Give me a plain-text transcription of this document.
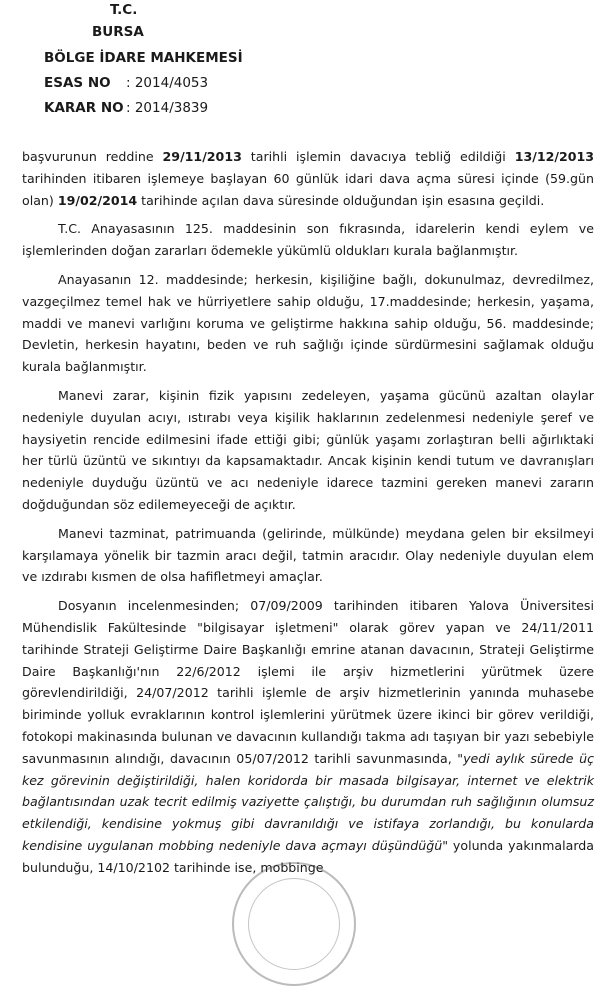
T.C.
BURSA
BÖLGE İDARE MAHKEMESİ
ESAS NO : 2014/4053
KARAR NO : 2014/3839

başvurunun reddine 29/11/2013 tarihli işlemin davacıya tebliğ edildiği 13/12/2013 tarihinden itibaren işlemeye başlayan 60 günlük idari dava açma süresi içinde (59.gün olan) 19/02/2014 tarihinde açılan dava süresinde olduğundan işin esasına geçildi.

T.C. Anayasasının 125. maddesinin son fıkrasında, idarelerin kendi eylem ve işlemlerinden doğan zararları ödemekle yükümlü oldukları kurala bağlanmıştır.

Anayasanın 12. maddesinde; herkesin, kişiliğine bağlı, dokunulmaz, devredilmez, vazgeçilmez temel hak ve hürriyetlere sahip olduğu, 17.maddesinde; herkesin, yaşama, maddi ve manevi varlığını koruma ve geliştirme hakkına sahip olduğu, 56. maddesinde; Devletin, herkesin hayatını, beden ve ruh sağlığı içinde sürdürmesini sağlamak olduğu kurala bağlanmıştır.

Manevi zarar, kişinin fizik yapısını zedeleyen, yaşama gücünü azaltan olaylar nedeniyle duyulan acıyı, ıstırabı veya kişilik haklarının zedelenmesi nedeniyle şeref ve haysiyetin rencide edilmesini ifade ettiği gibi; günlük yaşamı zorlaştıran belli ağırlıktaki her türlü üzüntü ve sıkıntıyı da kapsamaktadır. Ancak kişinin kendi tutum ve davranışları nedeniyle duyduğu üzüntü ve acı nedeniyle idarece tazmini gereken manevi zararın doğduğundan söz edilemeyeceği de açıktır.

Manevi tazminat, patrimuanda (gelirinde, mülkünde) meydana gelen bir eksilmeyi karşılamaya yönelik bir tazmin aracı değil, tatmin aracıdır. Olay nedeniyle duyulan elem ve ızdırabı kısmen de olsa hafifletmeyi amaçlar.

Dosyanın incelenmesinden; 07/09/2009 tarihinden itibaren Yalova Üniversitesi Mühendislik Fakültesinde "bilgisayar işletmeni" olarak görev yapan ve 24/11/2011 tarihinde Strateji Geliştirme Daire Başkanlığı emrine atanan davacının, Strateji Geliştirme Daire Başkanlığı'nın 22/6/2012 işlemi ile arşiv hizmetlerini yürütmek üzere görevlendirildiği, 24/07/2012 tarihli işlemle de arşiv hizmetlerinin yanında muhasebe biriminde yolluk evraklarının kontrol işlemlerini yürütmek üzere ikinci bir görev verildiği, fotokopi makinasında bulunan ve davacının kullandığı takma adı taşıyan bir yazı sebebiyle savunmasının alındığı, davacının 05/07/2012 tarihli savunmasında, "yedi aylık sürede üç kez görevinin değiştirildiği, halen koridorda bir masada bilgisayar, internet ve elektrik bağlantısından uzak tecrit edilmiş vaziyette çalıştığı, bu durumdan ruh sağlığının olumsuz etkilendiği, kendisine yokmuş gibi davranıldığı ve istifaya zorlandığı, bu konularda kendisine uygulanan mobbing nedeniyle dava açmayı düşündüğü" yolunda yakınmalarda bulunduğu, 14/10/2102 tarihinde ise, mobbinge
